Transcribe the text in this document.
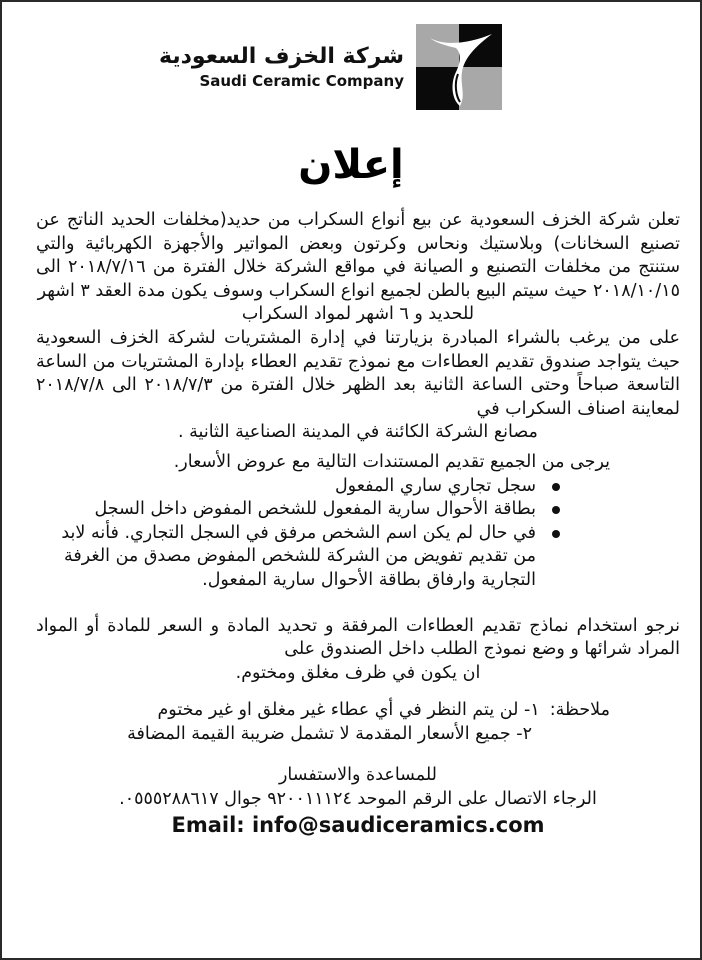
شركة الخزف السعودية
Saudi Ceramic Company
إعلان

تعلن شركة الخزف السعودية عن بيع أنواع السكراب من حديد(مخلفات الحديد الناتج عن تصنيع السخانات) وبلاستيك ونحاس وكرتون وبعض المواتير والأجهزة الكهربائية والتي ستنتج من مخلفات التصنيع و الصيانة في مواقع الشركة خلال الفترة من ٢٠١٨/٧/١٦ الى ٢٠١٨/١٠/١٥ حيث سيتم البيع بالطن لجميع انواع السكراب وسوف يكون مدة العقد ٣ اشهر

للحديد و ٦ اشهر لمواد السكراب

على من يرغب بالشراء المبادرة بزيارتنا في إدارة المشتريات لشركة الخزف السعودية حيث يتواجد صندوق تقديم العطاءات مع نموذج تقديم العطاء بإدارة المشتريات من الساعة التاسعة صباحاً وحتى الساعة الثانية بعد الظهر خلال الفترة من ٢٠١٨/٧/٣ الى ٢٠١٨/٧/٨ لمعاينة اصناف السكراب في

مصانع الشركة الكائنة في المدينة الصناعية الثانية .

يرجى من الجميع تقديم المستندات التالية مع عروض الأسعار.
سجل تجاري ساري المفعول
بطاقة الأحوال سارية المفعول للشخص المفوض داخل السجل
في حال لم يكن اسم الشخص مرفق في السجل التجاري. فأنه لابد من تقديم تفويض من الشركة للشخص المفوض مصدق من الغرفة التجارية وارفاق بطاقة الأحوال سارية المفعول.

نرجو استخدام نماذج تقديم العطاءات المرفقة و تحديد المادة و السعر للمادة أو المواد المراد شرائها و وضع نموذج الطلب داخل الصندوق على

ان يكون في ظرف مغلق ومختوم.

ملاحظة:
١- لن يتم النظر في أي عطاء غير مغلق او غير مختوم
٢- جميع الأسعار المقدمة لا تشمل ضريبة القيمة المضافة
للمساعدة والاستفسار
الرجاء الاتصال على الرقم الموحد ٩٢٠٠١١١٢٤ جوال ٠٥٥٥٢٨٨٦١٧.
Email: info@saudiceramics.com
